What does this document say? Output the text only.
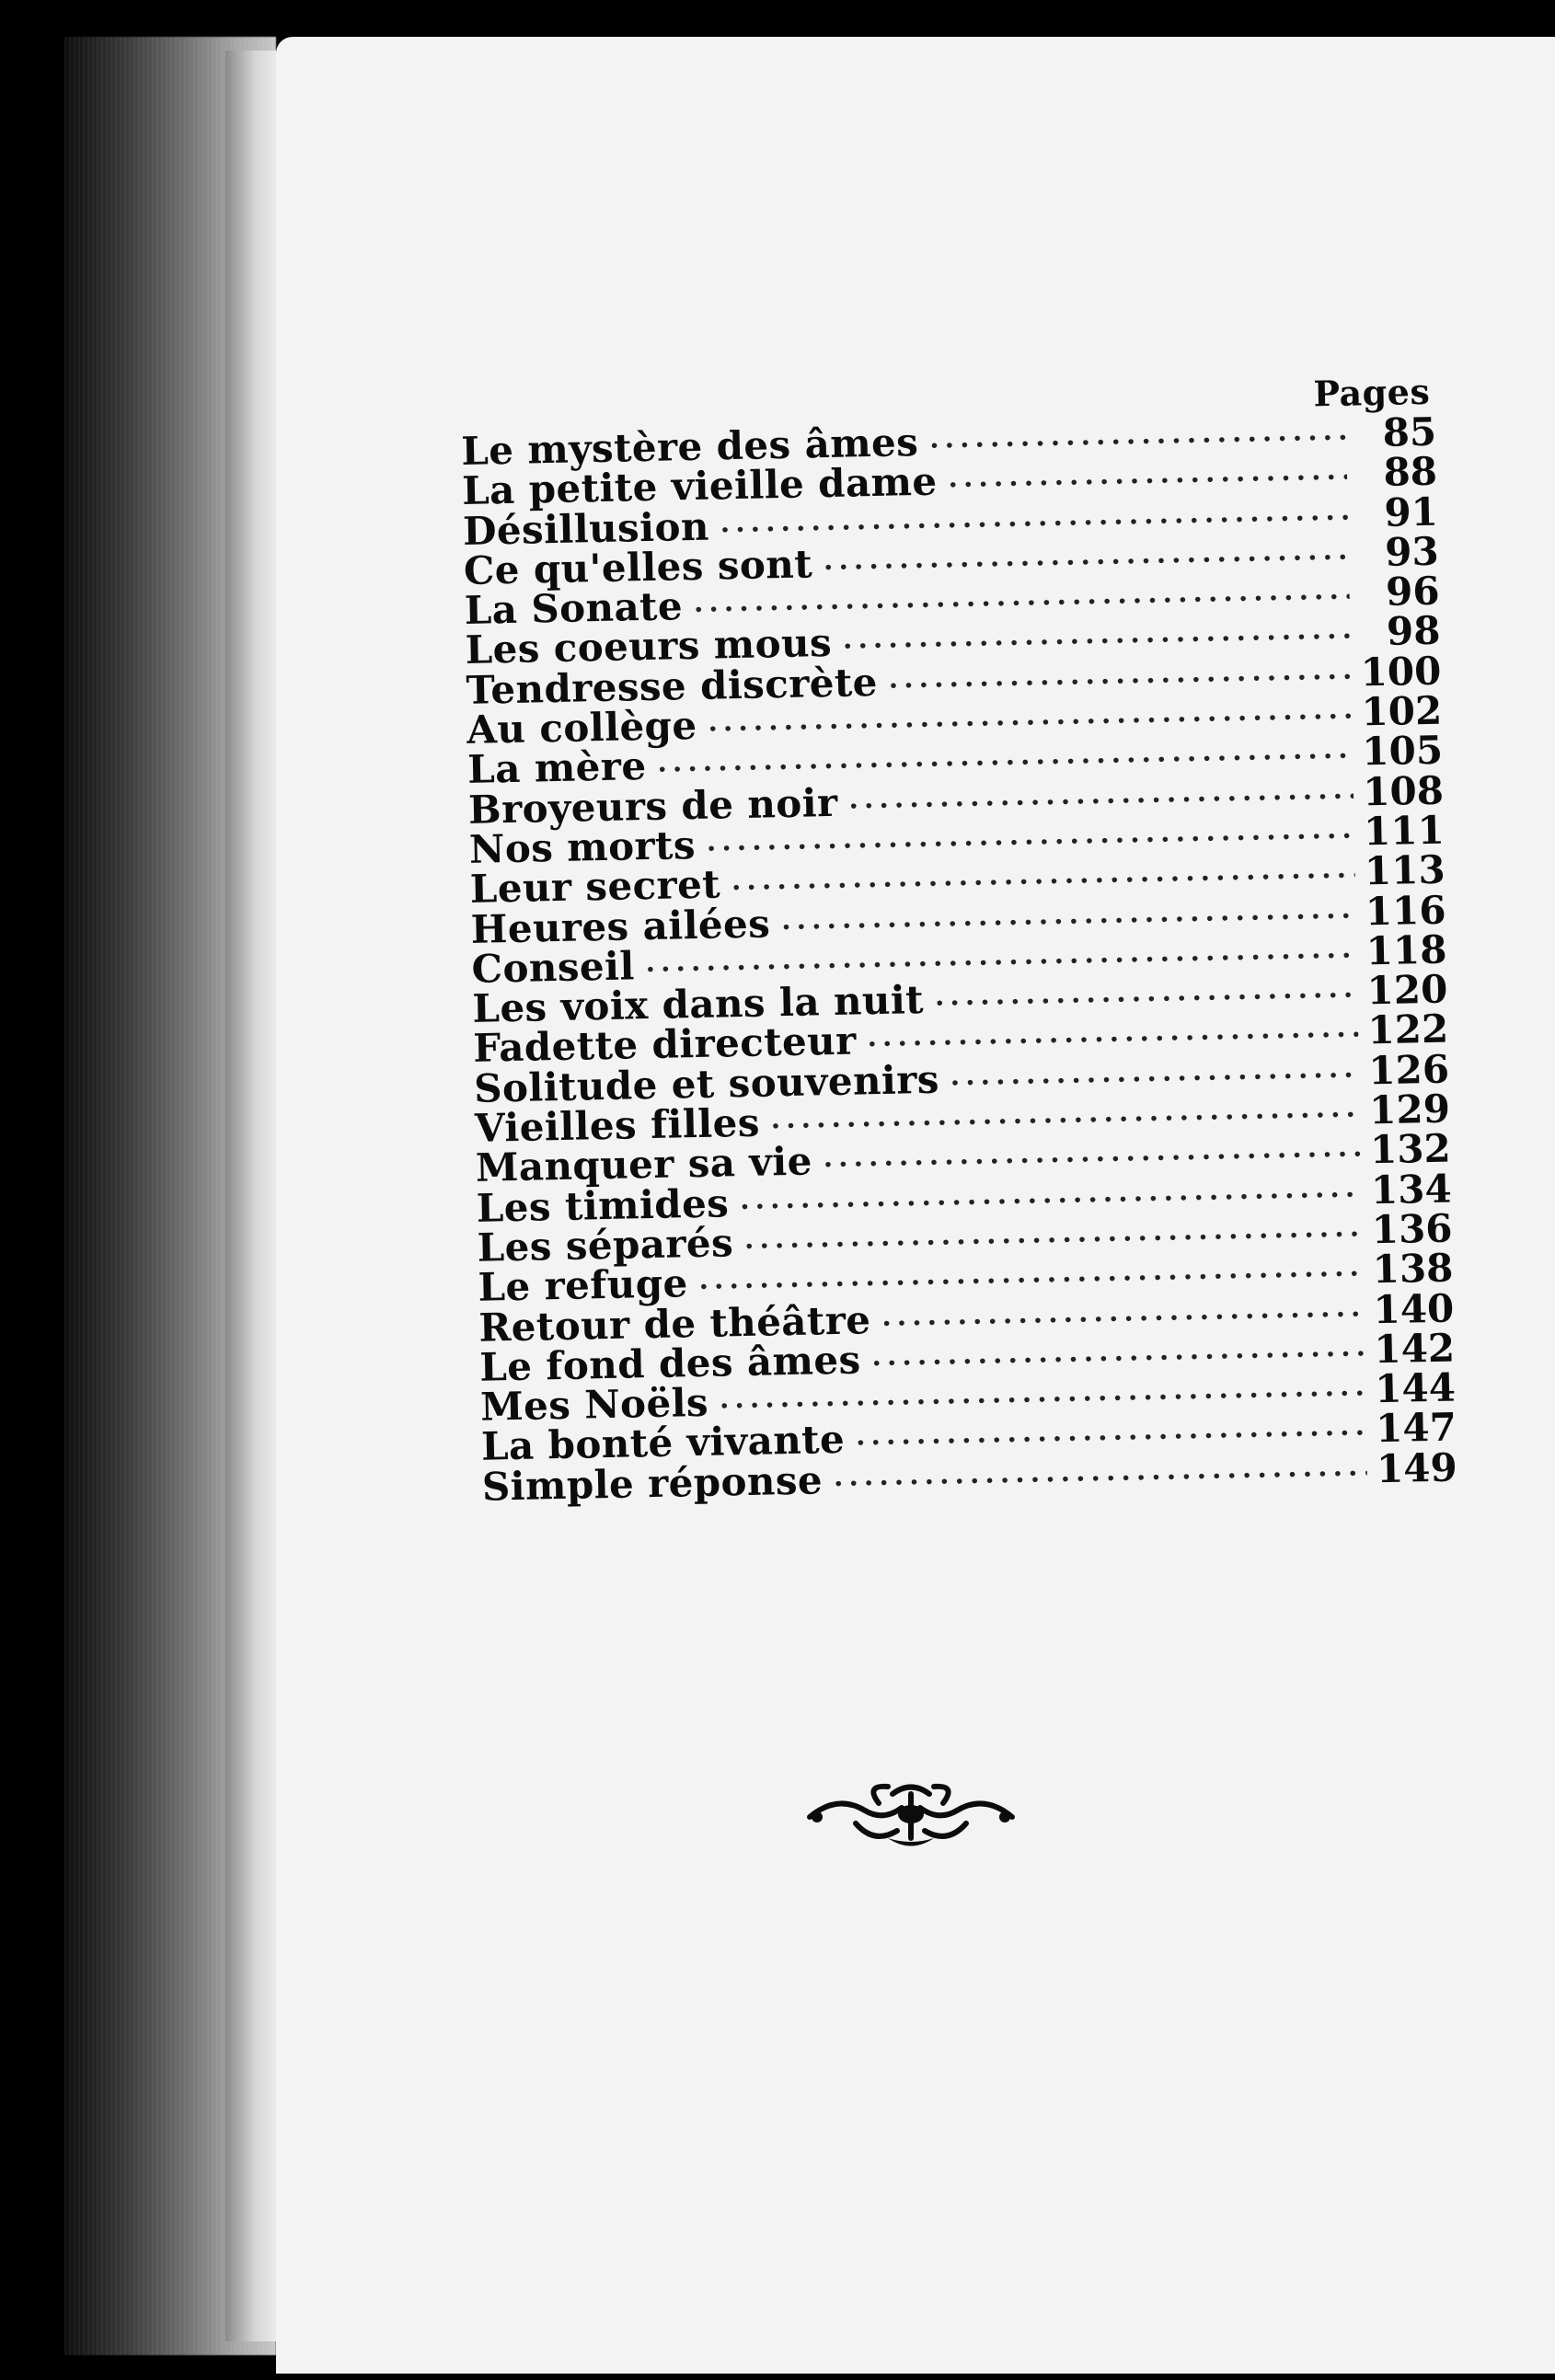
Pages
Le mystère des âmes ·····	85
La petite vieille dame ·····	88
Désillusion ·····	91
Ce qu'elles sont ·····	93
La Sonate ·····	96
Les coeurs mous ·····	98
Tendresse discrète ·····	100
Au collège ·····	102
La mère ·····	105
Broyeurs de noir ·····	108
Nos morts ·····	111
Leur secret ·····	113
Heures ailées ·····	116
Conseil ·····	118
Les voix dans la nuit ·····	120
Fadette directeur ·····	122
Solitude et souvenirs ·····	126
Vieilles filles ·····	129
Manquer sa vie ·····	132
Les timides ·····	134
Les séparés ·····	136
Le refuge ·····	138
Retour de théâtre ·····	140
Le fond des âmes ·····	142
Mes Noëls ·····	144
La bonté vivante ·····	147
Simple réponse ·····	149
